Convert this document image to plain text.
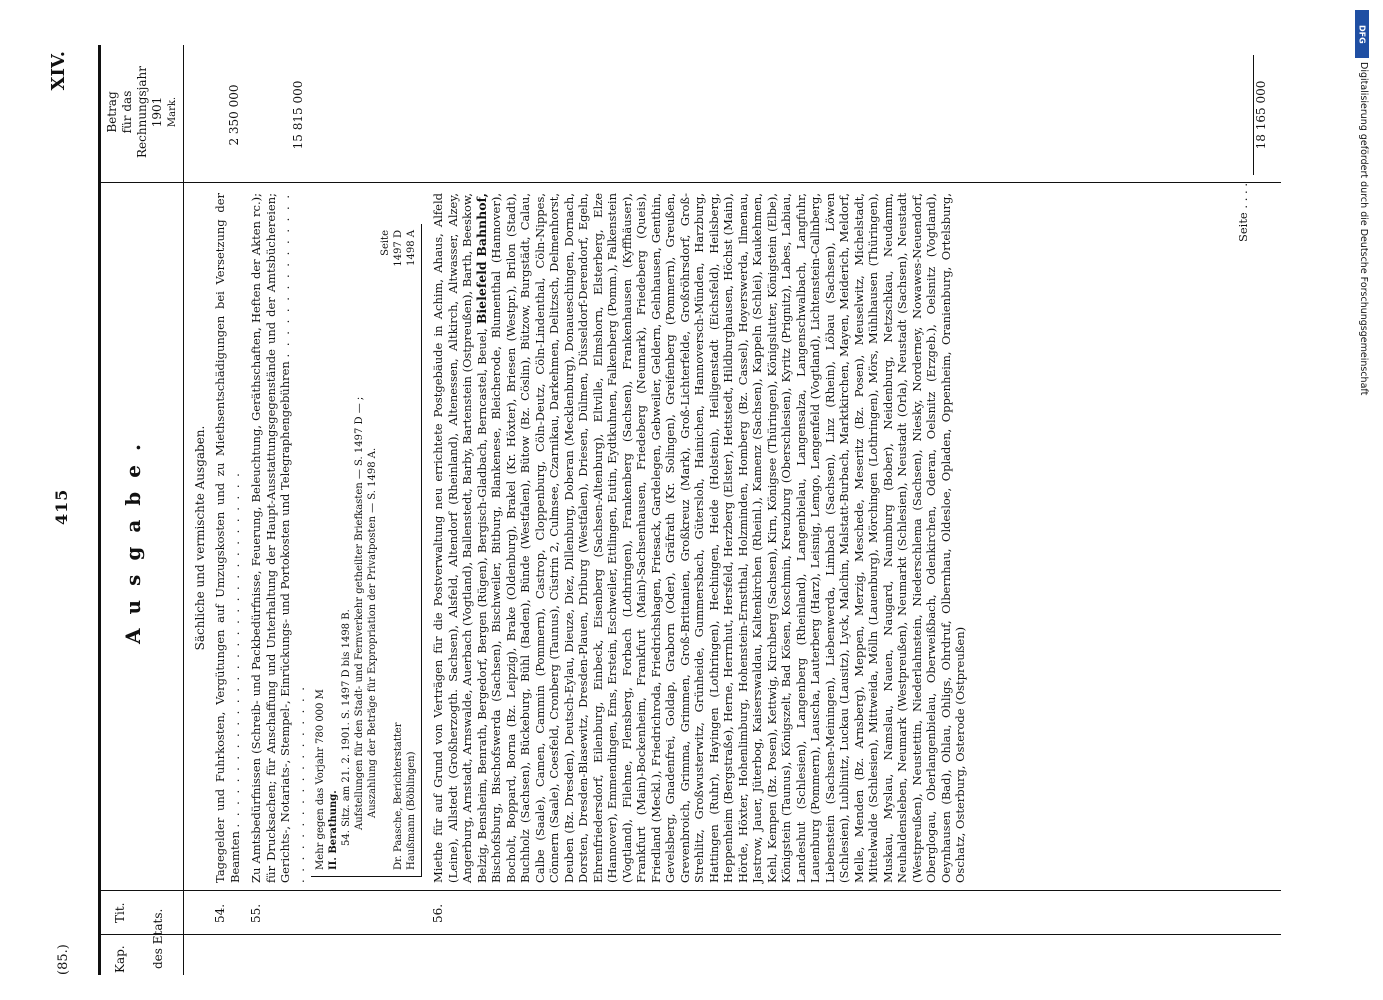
DFG
Digitalisierung gefördert durch die Deutsche Forschungsgemeinschaft
(85.)
415
XIV.
Kap.
Tit. des Etats.
Betrag für das Rechnungsjahr 1901 Mark.
Ausgabe.	Sächliche und vermischte Ausgaben.
54.
Tagegelder und Fuhrkosten, Vergütungen auf Umzugskosten und zu Miethsentschädigungen bei Versetzung der Beamten . . . . . . . . . . . . . . . . . . . . . . . . . . . . . . . .
2 350 000
55.
Zu Amtsbedürfnissen (Schreib- und Packbedürfnisse, Feuerung, Beleuchtung, Geräthschaften, Heften der Akten rc.); für Drucksachen; für Anschaffung und Unterhaltung der Haupt-Ausstattungsgegenstände und der Amtsbüchereien; Gerichts-, Notariats-, Stempel-, Einrückungs- und Portokosten und Telegraphengebühren . . . . . . . . . . . . . . . . . . . . . . . . . . . . . . . . . Mehr gegen das Vorjahr 780 000 M II. Berathung. 54. Sitz. am 21. 2. 1901. S. 1497 D bis 1498 B. Aufstellungen für den Stadt- und Fernverkehr getheilter Briefkasten — S. 1497 D — ; Auszahlung der Beträge für Expropriation der Privatposten — S. 1498 A.
Seite
Dr. Paasche, Berichterstatter
1497 D
Haußmann (Böblingen)
1498 A
15 815 000
56.
Miethe für auf Grund von Verträgen für die Postverwaltung neu errichtete Postgebäude in Achim, Ahaus, Alfeld (Leine), Allstedt (Großherzogth. Sachsen), Alsfeld, Altendorf (Rheinland), Altenessen, Altkirch, Altwasser, Alzey, Angerburg, Arnstadt, Arnswalde, Auerbach (Vogtland), Ballenstedt, Barby, Bartenstein (Ostpreußen), Barth, Beeskow, Belzig, Bensheim, Benrath, Bergedorf, Bergen (Rügen), Bergisch-Gladbach, Berncastel, Beuel, Bielefeld Bahnhof, Bischofsburg, Bischofswerda (Sachsen), Bischweiler, Bitburg, Blankenese, Bleicherode, Blumenthal (Hannover), Bocholt, Boppard, Borna (Bz. Leipzig), Brake (Oldenburg), Brakel (Kr. Höxter), Briesen (Westpr.), Brilon (Stadt), Buchholz (Sachsen), Bückeburg, Bühl (Baden), Bünde (Westfalen), Bütow (Bz. Cöslin), Bützow, Burgstädt, Calau, Calbe (Saale), Camen, Cammin (Pommern), Castrop, Cloppenburg, Cöln-Deutz, Cöln-Lindenthal, Cöln-Nippes, Cönnern (Saale), Coesfeld, Cronberg (Taunus), Cüstrin 2, Culmsee, Czarnikau, Darkehmen, Delitzsch, Delmenhorst, Deuben (Bz. Dresden), Deutsch-Eylau, Dieuze, Diez, Dillenburg, Doberan (Mecklenburg), Donaueschingen, Dornach, Dorsten, Dresden-Blasewitz, Dresden-Plauen, Driburg (Westfalen), Driesen, Dülmen, Düsseldorf-Derendorf, Egeln, Ehrenfriedersdorf, Eilenburg, Einbeck, Eisenberg (Sachsen-Altenburg), Eltville, Elmshorn, Elsterberg, Elze (Hannover), Emmendingen, Ems, Erstein, Eschweiler, Ettlingen, Eutin, Eydtkuhnen, Falkenberg (Pomm.), Falkenstein (Vogtland), Filehne, Flensberg, Forbach (Lothringen), Frankenberg (Sachsen), Frankenhausen (Kyffhäuser), Frankfurt (Main)-Bockenheim, Frankfurt (Main)-Sachsenhausen, Friedeberg (Neumark), Friedeberg (Queis), Friedland (Meckl.), Friedrichroda, Friedrichshagen, Friesack, Gardelegen, Gebweiler, Geldern, Gelnhausen, Genthin, Gevelsberg, Gnadenfrei, Goldap, Graborn (Oder), Gräfrath (Kr. Solingen), Greifenberg (Pommern), Greußen, Grevenbroich, Grimma, Grimmen, Groß-Brittanien, Großkreuz (Mark), Groß-Lichterfelde, Großröhrsdorf, Groß-Strehlitz, Großwusterwitz, Grünheide, Gummersbach, Gütersloh, Hainichen, Hannoversch-Münden, Harzburg, Hattingen (Ruhr), Hayingen (Lothringen), Hechingen, Heide (Holstein), Heiligenstadt (Eichsfeld), Heilsberg, Heppenheim (Bergstraße), Herne, Herrnhut, Hersfeld, Herzberg (Elster), Hettstedt, Hildburghausen, Höchst (Main), Hörde, Höxter, Hohenlimburg, Hohenstein-Ernstthal, Holzminden, Homberg (Bz. Cassel), Hoyerswerda, Ilmenau, Jastrow, Jauer, Jüterbog, Kaiserswaldau, Kaltenkirchen (Rheinl.), Kamenz (Sachsen), Kappeln (Schlei), Kaukehmen, Kehl, Kempen (Bz. Posen), Kettwig, Kirchberg (Sachsen), Kirn, Königsee (Thüringen), Königslutter, Königstein (Elbe), Königstein (Taunus), Königszelt, Bad Kösen, Koschmin, Kreuzburg (Oberschlesien), Kyritz (Prignitz), Labes, Labiau, Landeshut (Schlesien), Langenberg (Rheinland), Langenbielau, Langensalza, Langenschwalbach, Langfuhr, Lauenburg (Pommern), Lauscha, Lauterberg (Harz), Leisnig, Lemgo, Lengenfeld (Vogtland), Lichtenstein-Callnberg, Liebenstein (Sachsen-Meiningen), Liebenwerda, Limbach (Sachsen), Linz (Rhein), Löbau (Sachsen), Löwen (Schlesien), Lublinitz, Luckau (Lausitz), Lyck, Malchin, Malstatt-Burbach, Marktkirchen, Mayen, Meiderich, Meldorf, Melle, Menden (Bz. Arnsberg), Meppen, Merzig, Meschede, Meseritz (Bz. Posen), Meuselwitz, Michelstadt, Mittelwalde (Schlesien), Mittweida, Mölln (Lauenburg), Mörchingen (Lothringen), Mörs, Mühlhausen (Thüringen), Muskau, Myslau, Namslau, Nauen, Naugard, Naumburg (Bober), Neidenburg, Netzschkau, Neudamm, Neuhaldensleben, Neumark (Westpreußen), Neumarkt (Schlesien), Neustadt (Orla), Neustadt (Sachsen), Neustadt (Westpreußen), Neustettin, Niederlahnstein, Niederschlema (Sachsen), Niesky, Norderney, Nowawes-Neuendorf, Oberglogau, Oberlangenbielau, Oberweißbach, Odenkirchen, Oderan, Oelsnitz (Erzgeb.), Oelsnitz (Vogtland), Oeynhausen (Bad), Ohlau, Ohligs, Ohrdruf, Olbernhau, Oldesloe, Opladen, Oppenheim, Oranienburg, Ortelsburg, Oschatz, Osterburg, Osterode (Ostpreußen)
Seite . . . .
18 165 000
